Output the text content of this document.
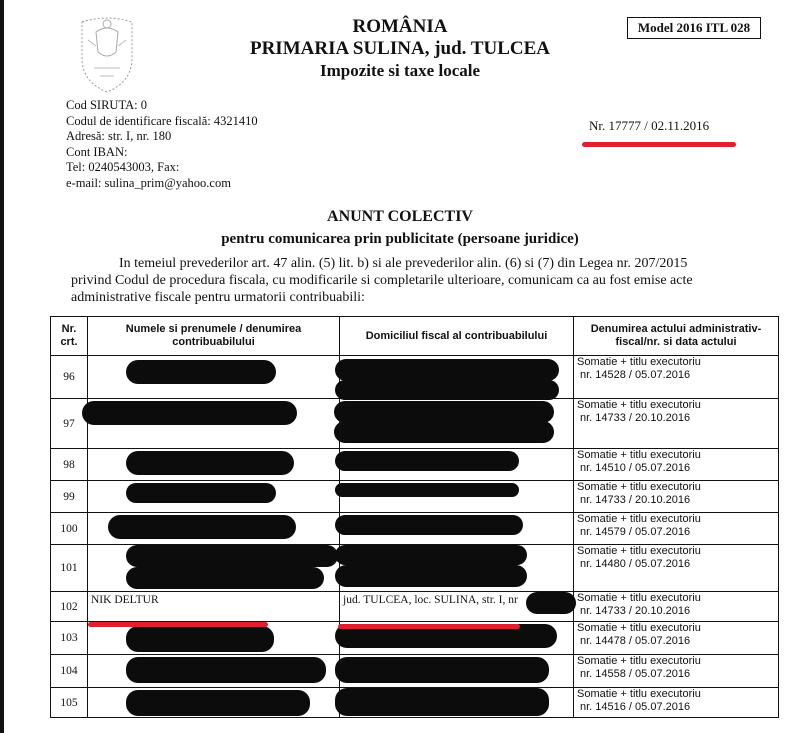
ROMÂNIA
PRIMARIA SULINA, jud. TULCEA
Impozite si taxe locale
Model 2016 ITL 028
Cod SIRUTA: 0
Codul de identificare fiscală: 4321410
Adresă: str. I, nr. 180
Cont IBAN:
Tel: 0240543003, Fax:
e-mail: sulina_prim@yahoo.com
Nr. 17777 / 02.11.2016
ANUNT COLECTIV
pentru comunicarea prin publicitate (persoane juridice)
In temeiul prevederilor art. 47 alin. (5) lit. b) si ale prevederilor alin. (6) si (7) din Legea nr. 207/2015
privind Codul de procedura fiscala, cu modificarile si completarile ulterioare, comunicam ca au fost emise acte
administrative fiscale pentru urmatorii contribuabili:
Nr. crt.	Numele si prenumele / denumirea contribuabilului	Domiciliul fiscal al contribuabilului	Denumirea actului administrativ-fiscal/nr. si data actului
96			Somatie + titlu executoriu
nr. 14528 / 05.07.2016

97			Somatie + titlu executoriu
nr. 14733 / 20.10.2016

98			Somatie + titlu executoriu
nr. 14510 / 05.07.2016

99			Somatie + titlu executoriu
nr. 14733 / 20.10.2016

100			Somatie + titlu executoriu
nr. 14579 / 05.07.2016

101			Somatie + titlu executoriu
nr. 14480 / 05.07.2016

102	NIK DELTUR	jud. TULCEA, loc. SULINA, str. I, nr	Somatie + titlu executoriu
nr. 14733 / 20.10.2016

103			Somatie + titlu executoriu
nr. 14478 / 05.07.2016

104			Somatie + titlu executoriu
nr. 14558 / 05.07.2016

105			Somatie + titlu executoriu
nr. 14516 / 05.07.2016
